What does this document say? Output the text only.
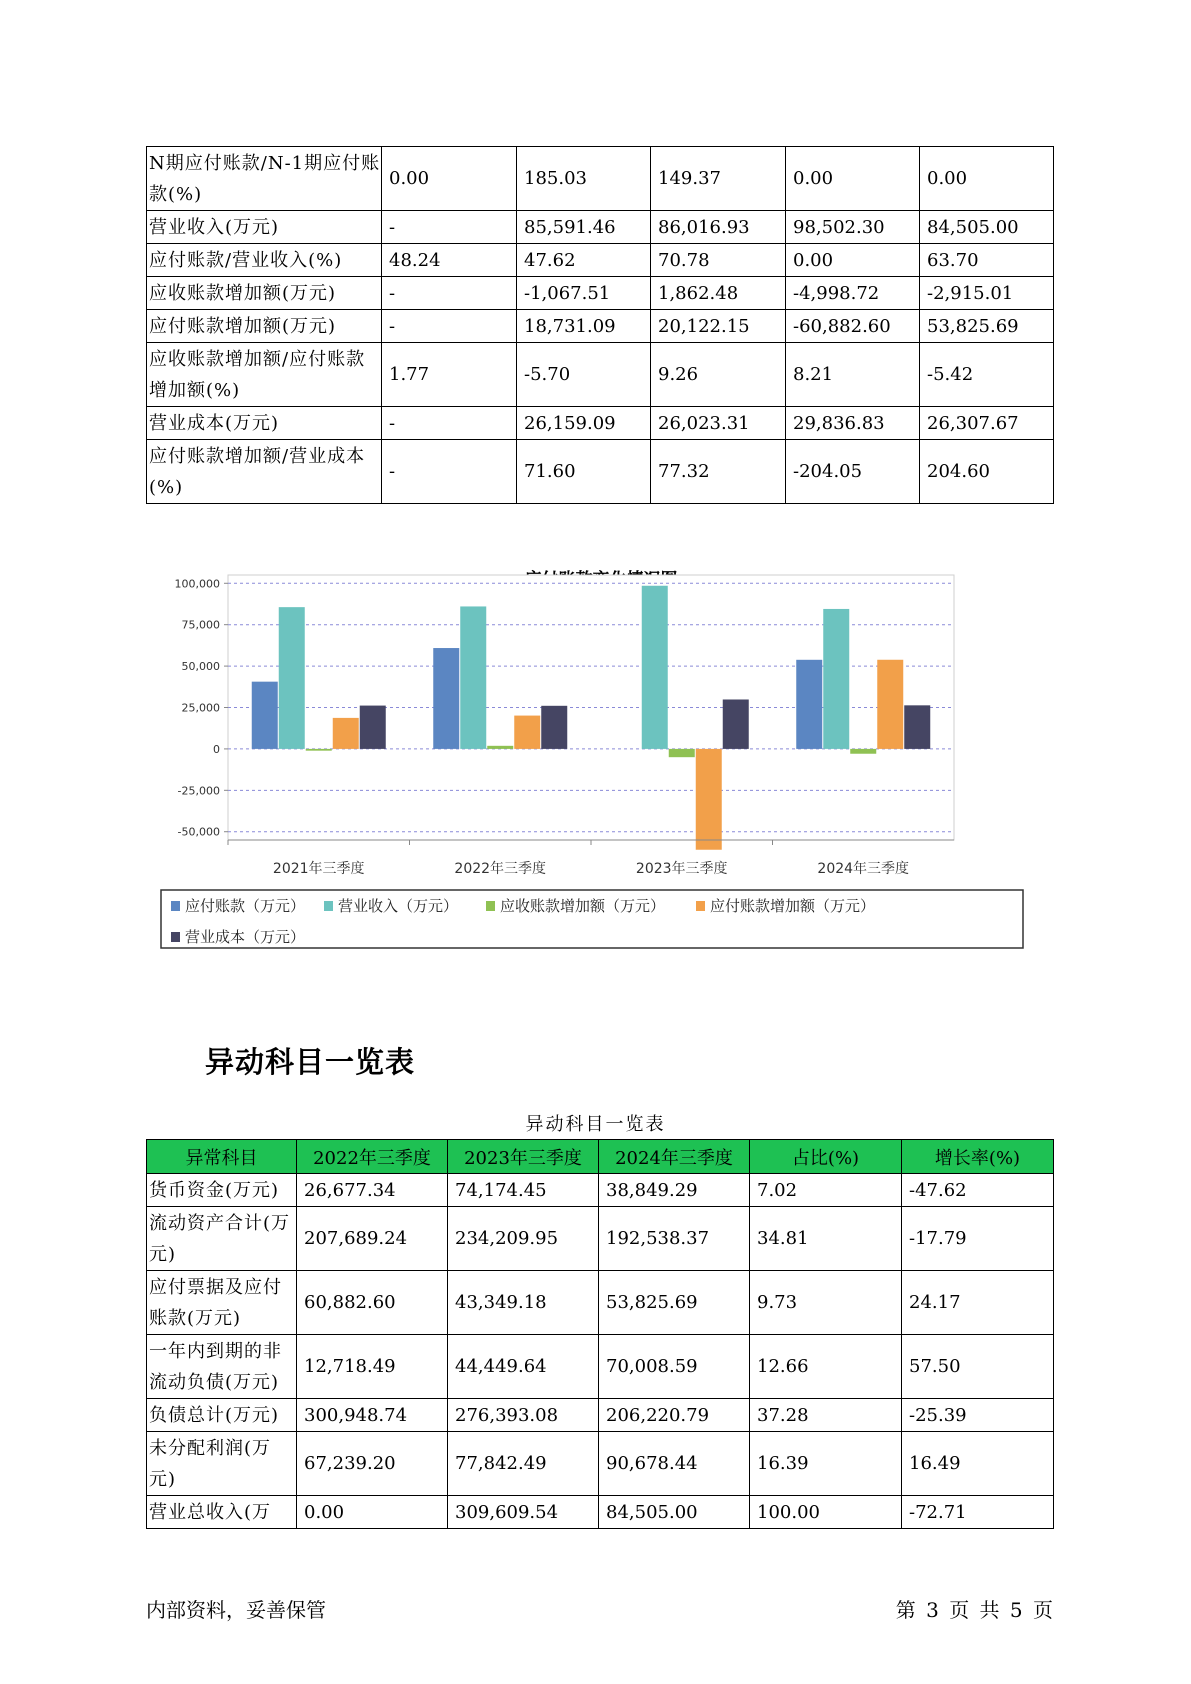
N期应付账款/N-1期应付账款(%)	0.00	185.03	149.37	0.00	0.00
营业收入(万元)	-	85,591.46	86,016.93	98,502.30	84,505.00
应付账款/营业收入(%)	48.24	47.62	70.78	0.00	63.70
应收账款增加额(万元)	-	-1,067.51	1,862.48	-4,998.72	-2,915.01
应付账款增加额(万元)	-	18,731.09	20,122.15	-60,882.60	53,825.69
应收账款增加额/应付账款增加额(%)	1.77	-5.70	9.26	8.21	-5.42
营业成本(万元)	-	26,159.09	26,023.31	29,836.83	26,307.67
应付账款增加额/营业成本(%)	-	71.60	77.32	-204.05	204.60
100,000
75,000
50,000
25,000
0
-25,000
-50,000
2021年三季度	2022年三季度	2023年三季度	2024年三季度
应付账款（万元） 营业收入（万元）	应收账款增加额（万元）	应付账款增加额（万元）
营业成本（万元）
异动科目一览表
异动科目一览表
异常科目	2022年三季度	2023年三季度	2024年三季度	占比(%)	增长率(%)
货币资金(万元)	26,677.34	74,174.45	38,849.29	7.02	-47.62
流动资产合计(万元)	207,689.24	234,209.95	192,538.37	34.81	-17.79
应付票据及应付账款(万元)	60,882.60	43,349.18	53,825.69	9.73	24.17
一年内到期的非流动负债(万元)	12,718.49	44,449.64	70,008.59	12.66	57.50
负债总计(万元)	300,948.74	276,393.08	206,220.79	37.28	-25.39
未分配利润(万元)	67,239.20	77,842.49	90,678.44	16.39	16.49
营业总收入(万	0.00	309,609.54	84,505.00	100.00	-72.71
内部资料，妥善保管	第 3 页 共 5 页
